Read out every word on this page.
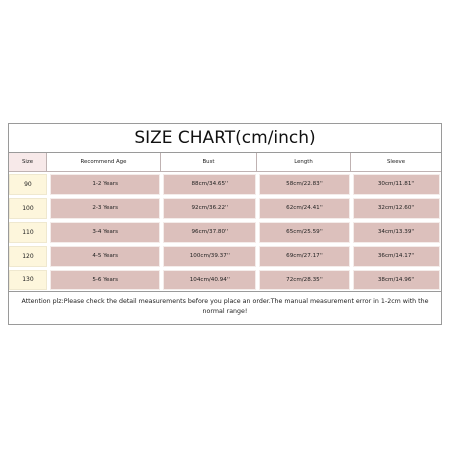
SIZE CHART(cm/inch)
Size	Recommend Age	Bust	Length	Sleeve
90	1-2 Years	88cm/34.65''	58cm/22.83''	30cm/11.81''
100	2-3 Years	92cm/36.22''	62cm/24.41''	32cm/12.60''
110	3-4 Years	96cm/37.80''	65cm/25.59''	34cm/13.39''
120	4-5 Years	100cm/39.37''	69cm/27.17''	36cm/14.17''
130	5-6 Years	104cm/40.94''	72cm/28.35''	38cm/14.96''
Attention plz:Please check the detail measurements before you place an order.The manual measurement error in 1-2cm with the normal range!
